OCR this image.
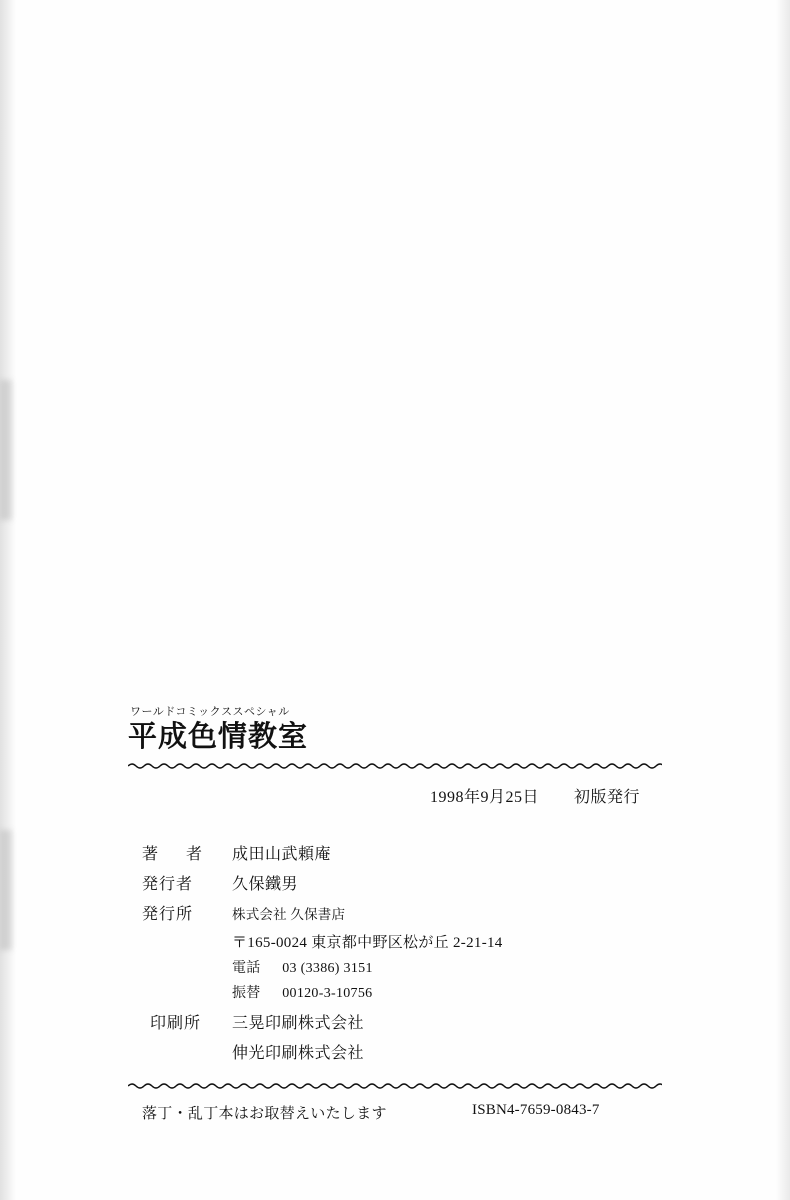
ワールドコミックススペシャル
平成色情教室
1998年9月25日 初版発行
著　者	成田山武頼庵
発行者	久保鐵男
発行所	株式会社 久保書店
〒165-0024 東京都中野区松が丘 2-21-14
電話 03 (3386) 3151
振替 00120-3-10756
印刷所	三晃印刷株式会社
伸光印刷株式会社
落丁・乱丁本はお取替えいたします	ISBN4-7659-0843-7
